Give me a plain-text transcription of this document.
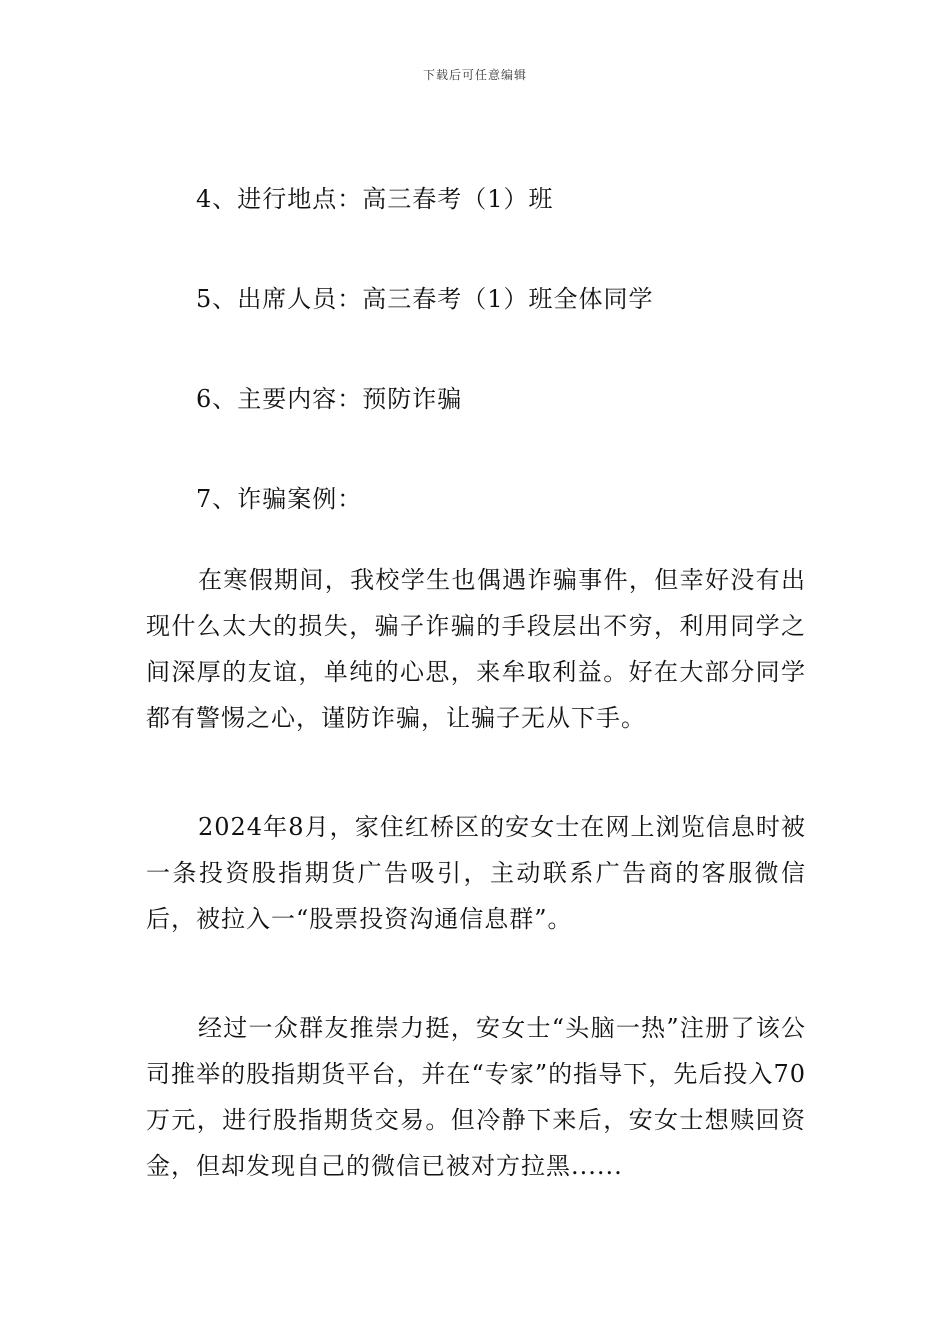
下载后可任意编辑
4、进行地点：高三春考（1）班
5、出席人员：高三春考（1）班全体同学
6、主要内容：预防诈骗
7、诈骗案例：

在寒假期间，我校学生也偶遇诈骗事件，但幸好没有出现什么太大的损失，骗子诈骗的手段层出不穷，利用同学之间深厚的友谊，单纯的心思，来牟取利益。好在大部分同学都有警惕之心，谨防诈骗，让骗子无从下手。

2024年8月，家住红桥区的安女士在网上浏览信息时被一条投资股指期货广告吸引，主动联系广告商的客服微信后，被拉入一“股票投资沟通信息群”。

经过一众群友推崇力挺，安女士“头脑一热”注册了该公司推举的股指期货平台，并在“专家”的指导下，先后投入70万元，进行股指期货交易。但冷静下来后，安女士想赎回资金，但却发现自己的微信已被对方拉黑......
